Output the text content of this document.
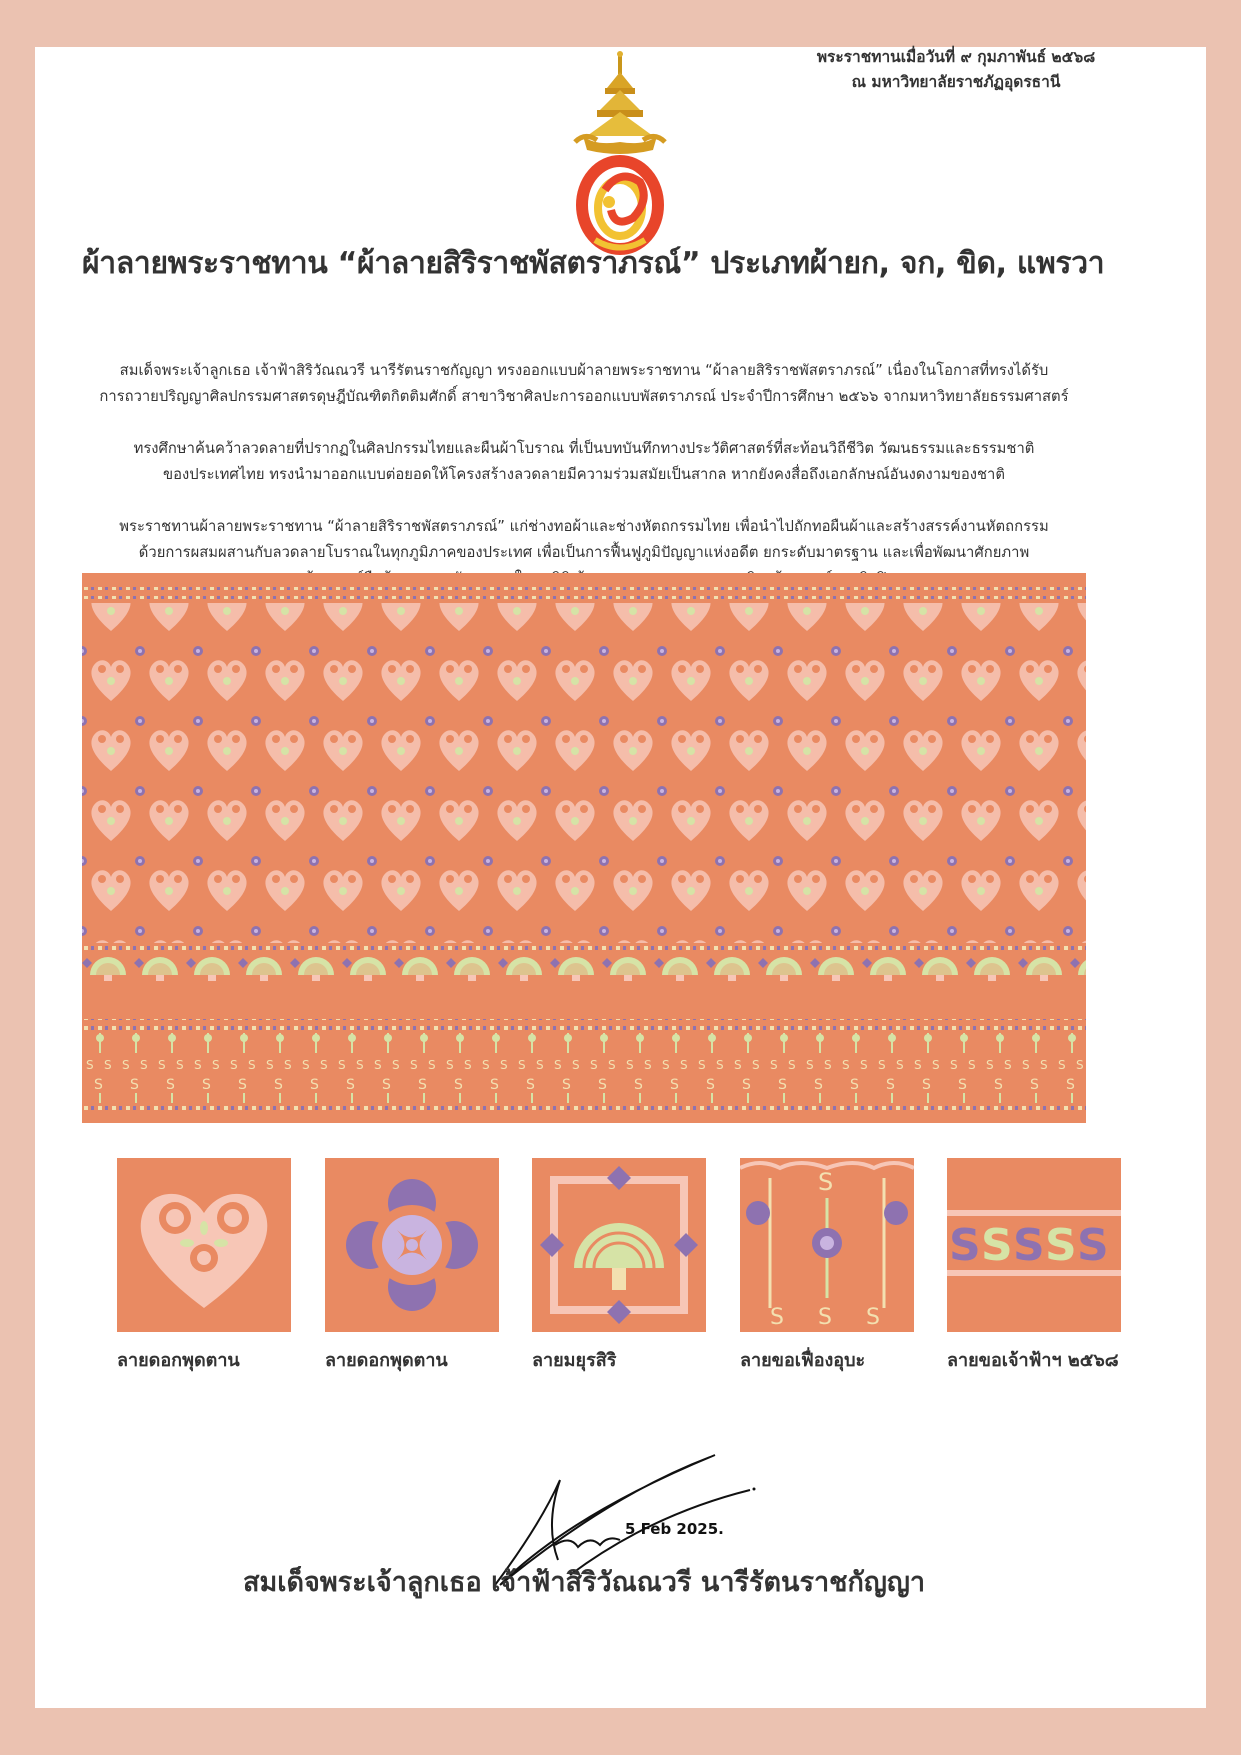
พระราชทานเมื่อวันที่ ๙ กุมภาพันธ์ ๒๕๖๘
ณ มหาวิทยาลัยราชภัฏอุดรธานี
ผ้าลายพระราชทาน “ผ้าลายสิริราชพัสตราภรณ์” ประเภทผ้ายก, จก, ขิด, แพรวา
สมเด็จพระเจ้าลูกเธอ เจ้าฟ้าสิริวัณณวรี นารีรัตนราชกัญญา ทรงออกแบบผ้าลายพระราชทาน “ผ้าลายสิริราชพัสตราภรณ์” เนื่องในโอกาสที่ทรงได้รับ
การถวายปริญญาศิลปกรรมศาสตรดุษฎีบัณฑิตกิตติมศักดิ์ สาขาวิชาศิลปะการออกแบบพัสตราภรณ์ ประจำปีการศึกษา ๒๕๖๖ จากมหาวิทยาลัยธรรมศาสตร์
ทรงศึกษาค้นคว้าลวดลายที่ปรากฏในศิลปกรรมไทยและผืนผ้าโบราณ ที่เป็นบทบันทึกทางประวัติศาสตร์ที่สะท้อนวิถีชีวิต วัฒนธรรมและธรรมชาติ
ของประเทศไทย ทรงนำมาออกแบบต่อยอดให้โครงสร้างลวดลายมีความร่วมสมัยเป็นสากล หากยังคงสื่อถึงเอกลักษณ์อันงดงามของชาติ
พระราชทานผ้าลายพระราชทาน “ผ้าลายสิริราชพัสตราภรณ์” แก่ช่างทอผ้าและช่างหัตถกรรมไทย เพื่อนำไปถักทอผืนผ้าและสร้างสรรค์งานหัตถกรรม
ด้วยการผสมผสานกับลวดลายโบราณในทุกภูมิภาคของประเทศ เพื่อเป็นการฟื้นฟูภูมิปัญญาแห่งอดีต ยกระดับมาตรฐาน และเพื่อพัฒนาศักยภาพ
S
S S S
S S S S S
ลายดอกพุดตาน	ลายดอกพุดตาน	ลายมยุรสิริ	ลายขอเฟื่องอุบะ	ลายขอเจ้าฟ้าฯ ๒๕๖๘
5 Feb 2025.
สมเด็จพระเจ้าลูกเธอ เจ้าฟ้าสิริวัณณวรี นารีรัตนราชกัญญา
